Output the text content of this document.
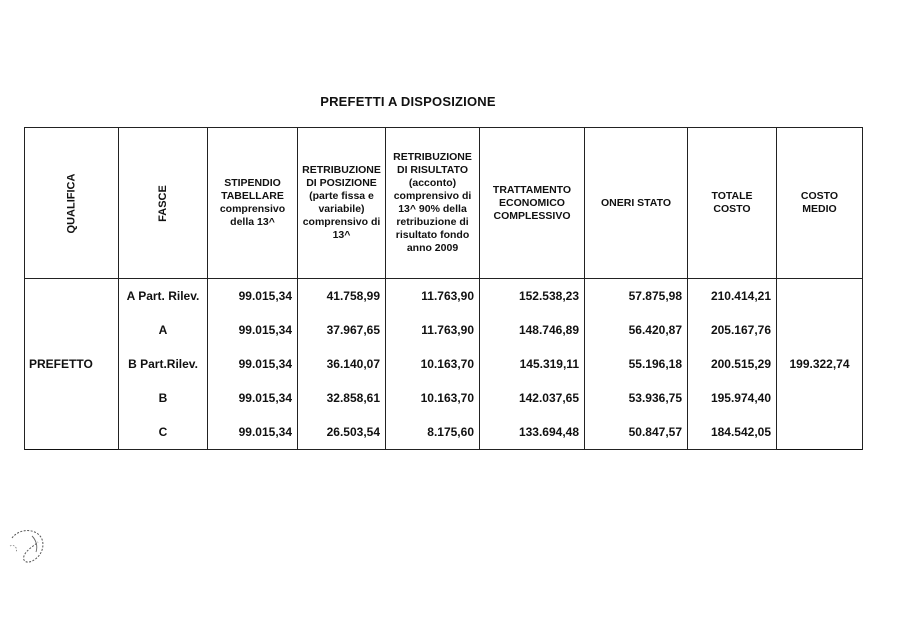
PREFETTI A DISPOSIZIONE
QUALIFICA	FASCE	STIPENDIO TABELLARE comprensivo della 13^	RETRIBUZIONE DI POSIZIONE (parte fissa e variabile) comprensivo di 13^	RETRIBUZIONE DI RISULTATO (acconto) comprensivo di 13^ 90% della retribuzione di risultato fondo anno 2009	TRATTAMENTO ECONOMICO COMPLESSIVO	ONERI STATO	TOTALE COSTO	COSTO MEDIO
PREFETTO	A Part. Rilev.	99.015,34	41.758,99	11.763,90	152.538,23	57.875,98	210.414,21	199.322,74
	A	99.015,34	37.967,65	11.763,90	148.746,89	56.420,87	205.167,76	
	B Part.Rilev.	99.015,34	36.140,07	10.163,70	145.319,11	55.196,18	200.515,29	
	B	99.015,34	32.858,61	10.163,70	142.037,65	53.936,75	195.974,40	
	C	99.015,34	26.503,54	8.175,60	133.694,48	50.847,57	184.542,05	
